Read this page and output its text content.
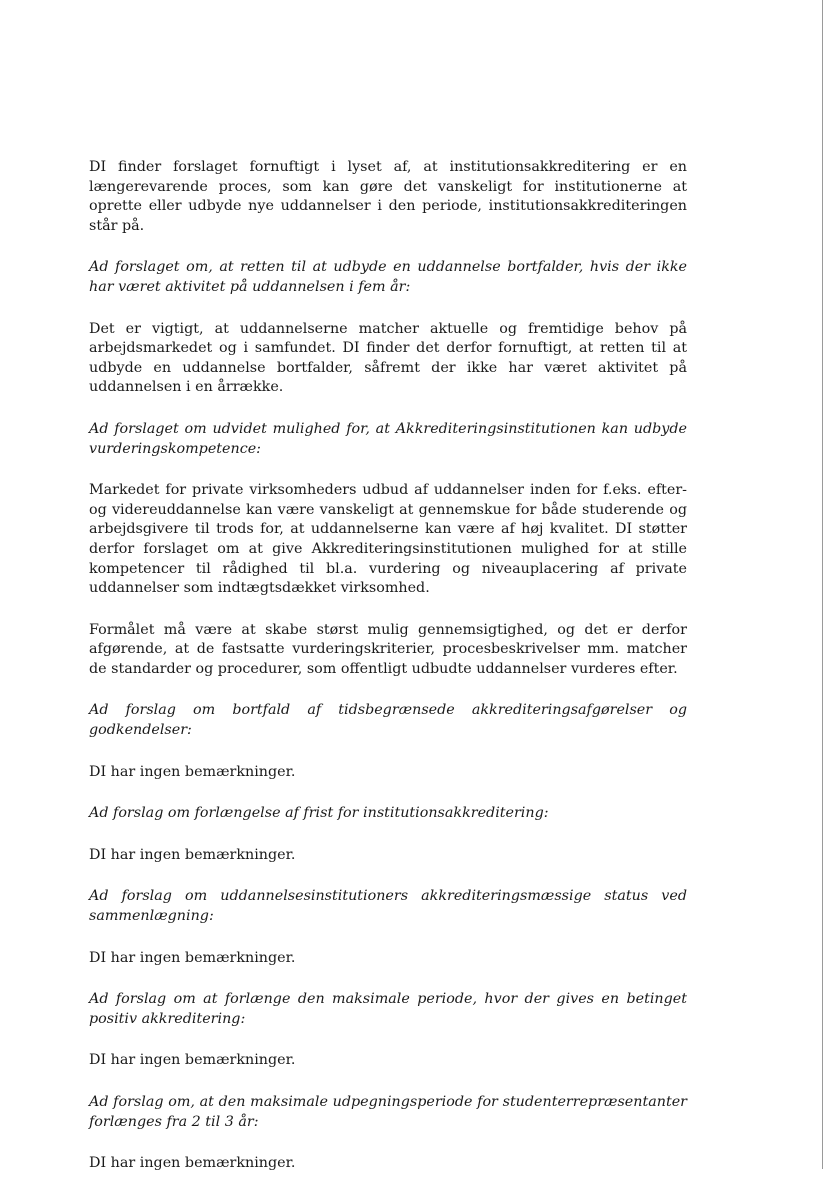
DI finder forslaget fornuftigt i lyset af, at institutionsakkreditering er en længerevarende proces, som kan gøre det vanskeligt for institutionerne at oprette eller udbyde nye uddannelser i den periode, institutionsakkrediteringen står på.

Ad forslaget om, at retten til at udbyde en uddannelse bortfalder, hvis der ikke har været aktivitet på uddannelsen i fem år:

Det er vigtigt, at uddannelserne matcher aktuelle og fremtidige behov på arbejdsmarkedet og i samfundet. DI finder det derfor fornuftigt, at retten til at udbyde en uddannelse bortfalder, såfremt der ikke har været aktivitet på uddannelsen i en årrække.

Ad forslaget om udvidet mulighed for, at Akkrediteringsinstitutionen kan udbyde vurderingskompetence:

Markedet for private virksomheders udbud af uddannelser inden for f.eks. efter- og videreuddannelse kan være vanskeligt at gennemskue for både studerende og arbejdsgivere til trods for, at uddannelserne kan være af høj kvalitet. DI støtter derfor forslaget om at give Akkrediteringsinstitutionen mulighed for at stille kompetencer til rådighed til bl.a. vurdering og niveauplacering af private uddannelser som indtægtsdækket virksomhed.

Formålet må være at skabe størst mulig gennemsigtighed, og det er derfor afgørende, at de fastsatte vurderingskriterier, procesbeskrivelser mm. matcher de standarder og procedurer, som offentligt udbudte uddannelser vurderes efter.

Ad forslag om bortfald af tidsbegrænsede akkrediteringsafgørelser og godkendelser:

DI har ingen bemærkninger.

Ad forslag om forlængelse af frist for institutionsakkreditering:

DI har ingen bemærkninger.

Ad forslag om uddannelsesinstitutioners akkrediteringsmæssige status ved sammenlægning:

DI har ingen bemærkninger.

Ad forslag om at forlænge den maksimale periode, hvor der gives en betinget positiv akkreditering:

DI har ingen bemærkninger.

Ad forslag om, at den maksimale udpegningsperiode for studenterrepræsentanter forlænges fra 2 til 3 år:

DI har ingen bemærkninger.
